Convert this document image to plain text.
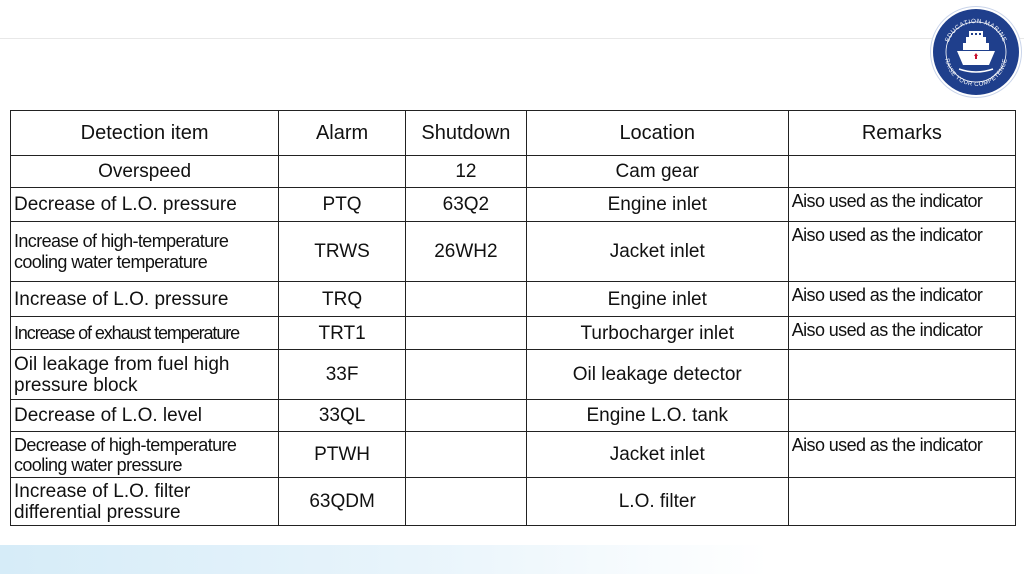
EDUCATION MARINE
RAISE YOUR COMPETENCE
Detection item	Alarm	Shutdown	Location	Remarks
Overspeed		12	Cam gear	
Decrease of L.O. pressure	PTQ	63Q2	Engine inlet	Aiso used as the indicator

Increase of high-temperature
cooling water temperature	TRWS	26WH2	Jacket inlet	Aiso used as the indicator
Increase of L.O. pressure	TRQ		Engine inlet	Aiso used as the indicator
Increase of exhaust temperature	TRT1		Turbocharger inlet	Aiso used as the indicator

Oil leakage from fuel high
pressure block	33F		Oil leakage detector	
Decrease of L.O. level	33QL		Engine L.O. tank	

Decrease of high-temperature
cooling water pressure	PTWH		Jacket inlet	Aiso used as the indicator

Increase of L.O. filter
differential pressure	63QDM		L.O. filter	
